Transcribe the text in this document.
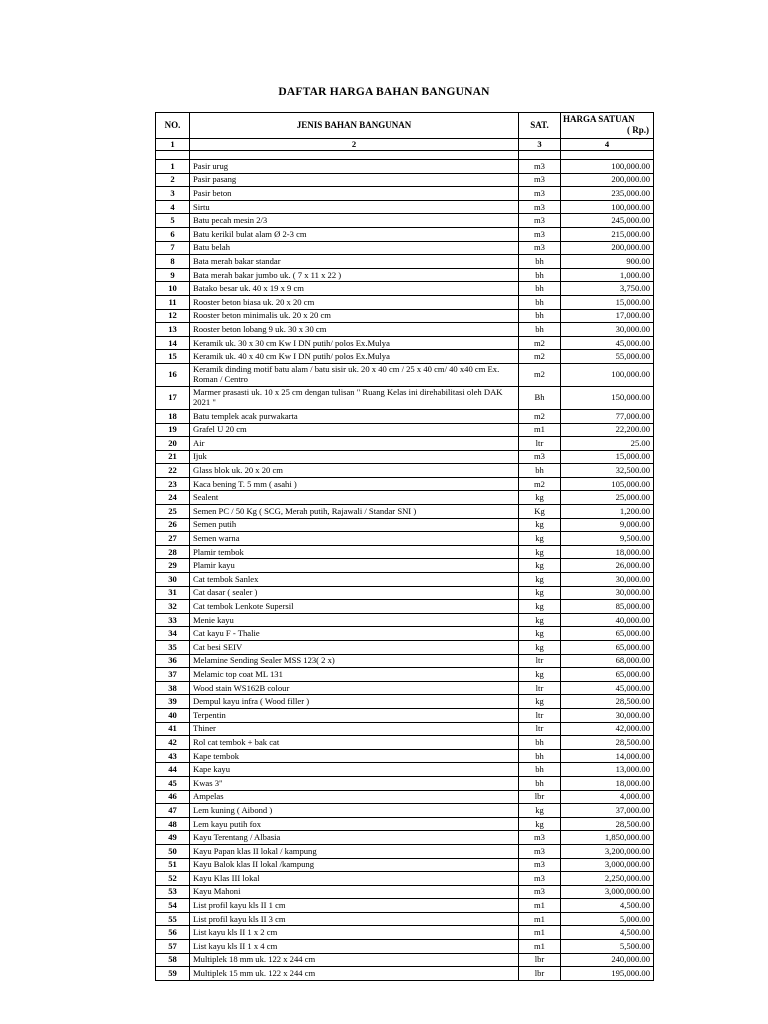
DAFTAR HARGA BAHAN BANGUNAN
NO.	JENIS BAHAN BANGUNAN	SAT.	HARGA SATUAN
( Rp.)

1	2	3	4

1	Pasir urug	m3	100,000.00
2	Pasir pasang	m3	200,000.00
3	Pasir beton	m3	235,000.00
4	Sirtu	m3	100,000.00
5	Batu pecah mesin 2/3	m3	245,000.00
6	Batu kerikil bulat alam Ø 2-3 cm	m3	215,000.00
7	Batu belah	m3	200,000.00
8	Bata merah bakar standar	bh	900.00
9	Bata merah bakar jumbo uk. ( 7 x 11 x 22 )	bh	1,000.00
10	Batako besar uk. 40 x 19 x 9 cm	bh	3,750.00
11	Rooster beton biasa uk. 20 x 20 cm	bh	15,000.00
12	Rooster beton minimalis uk. 20 x 20 cm	bh	17,000.00
13	Rooster beton lobang 9 uk. 30 x 30 cm	bh	30,000.00
14	Keramik uk. 30 x 30 cm Kw I DN putih/ polos Ex.Mulya	m2	45,000.00
15	Keramik uk. 40 x 40 cm Kw I DN putih/ polos Ex.Mulya	m2	55,000.00
16	Keramik dinding motif batu alam / batu sisir uk. 20 x 40 cm / 25 x 40 cm/ 40 x40 cm Ex. Roman / Centro	m2	100,000.00
17	Marmer prasasti uk. 10 x 25 cm dengan tulisan " Ruang Kelas ini direhabilitasi oleh DAK 2021 "	Bh	150,000.00
18	Batu templek acak purwakarta	m2	77,000.00
19	Grafel U 20 cm	m1	22,200.00
20	Air	ltr	25.00
21	Ijuk	m3	15,000.00
22	Glass blok uk. 20 x 20 cm	bh	32,500.00
23	Kaca bening T. 5 mm ( asahi )	m2	105,000.00
24	Sealent	kg	25,000.00
25	Semen PC / 50 Kg ( SCG, Merah putih, Rajawali / Standar SNI )	Kg	1,200.00
26	Semen putih	kg	9,000.00
27	Semen warna	kg	9,500.00
28	Plamir tembok	kg	18,000.00
29	Plamir kayu	kg	26,000.00
30	Cat tembok Sanlex	kg	30,000.00
31	Cat dasar ( sealer )	kg	30,000.00
32	Cat tembok Lenkote Supersil	kg	85,000.00
33	Menie kayu	kg	40,000.00
34	Cat kayu F - Thalie	kg	65,000.00
35	Cat besi SEIV	kg	65,000.00
36	Melamine Sending Sealer MSS 123( 2 x)	ltr	68,000.00
37	Melamic top coat ML 131	kg	65,000.00
38	Wood stain WS162B colour	ltr	45,000.00
39	Dempul kayu infra ( Wood filler )	kg	28,500.00
40	Terpentin	ltr	30,000.00
41	Thiner	ltr	42,000.00
42	Rol cat tembok + bak cat	bh	28,500.00
43	Kape tembok	bh	14,000.00
44	Kape kayu	bh	13,000.00
45	Kwas 3"	bh	18,000.00
46	Ampelas	lbr	4,000.00
47	Lem kuning ( Aibond )	kg	37,000.00
48	Lem kayu putih fox	kg	28,500.00
49	Kayu Terentang / Albasia	m3	1,850,000.00
50	Kayu Papan klas II lokal / kampung	m3	3,200,000.00
51	Kayu Balok klas II lokal /kampung	m3	3,000,000.00
52	Kayu Klas III lokal	m3	2,250,000.00
53	Kayu Mahoni	m3	3,000,000.00
54	List profil kayu kls II 1 cm	m1	4,500.00
55	List profil kayu kls II 3 cm	m1	5,000.00
56	List kayu kls II 1 x 2 cm	m1	4,500.00
57	List kayu kls II 1 x 4 cm	m1	5,500.00
58	Multiplek 18 mm uk. 122 x 244 cm	lbr	240,000.00
59	Multiplek 15 mm uk. 122 x 244 cm	lbr	195,000.00
